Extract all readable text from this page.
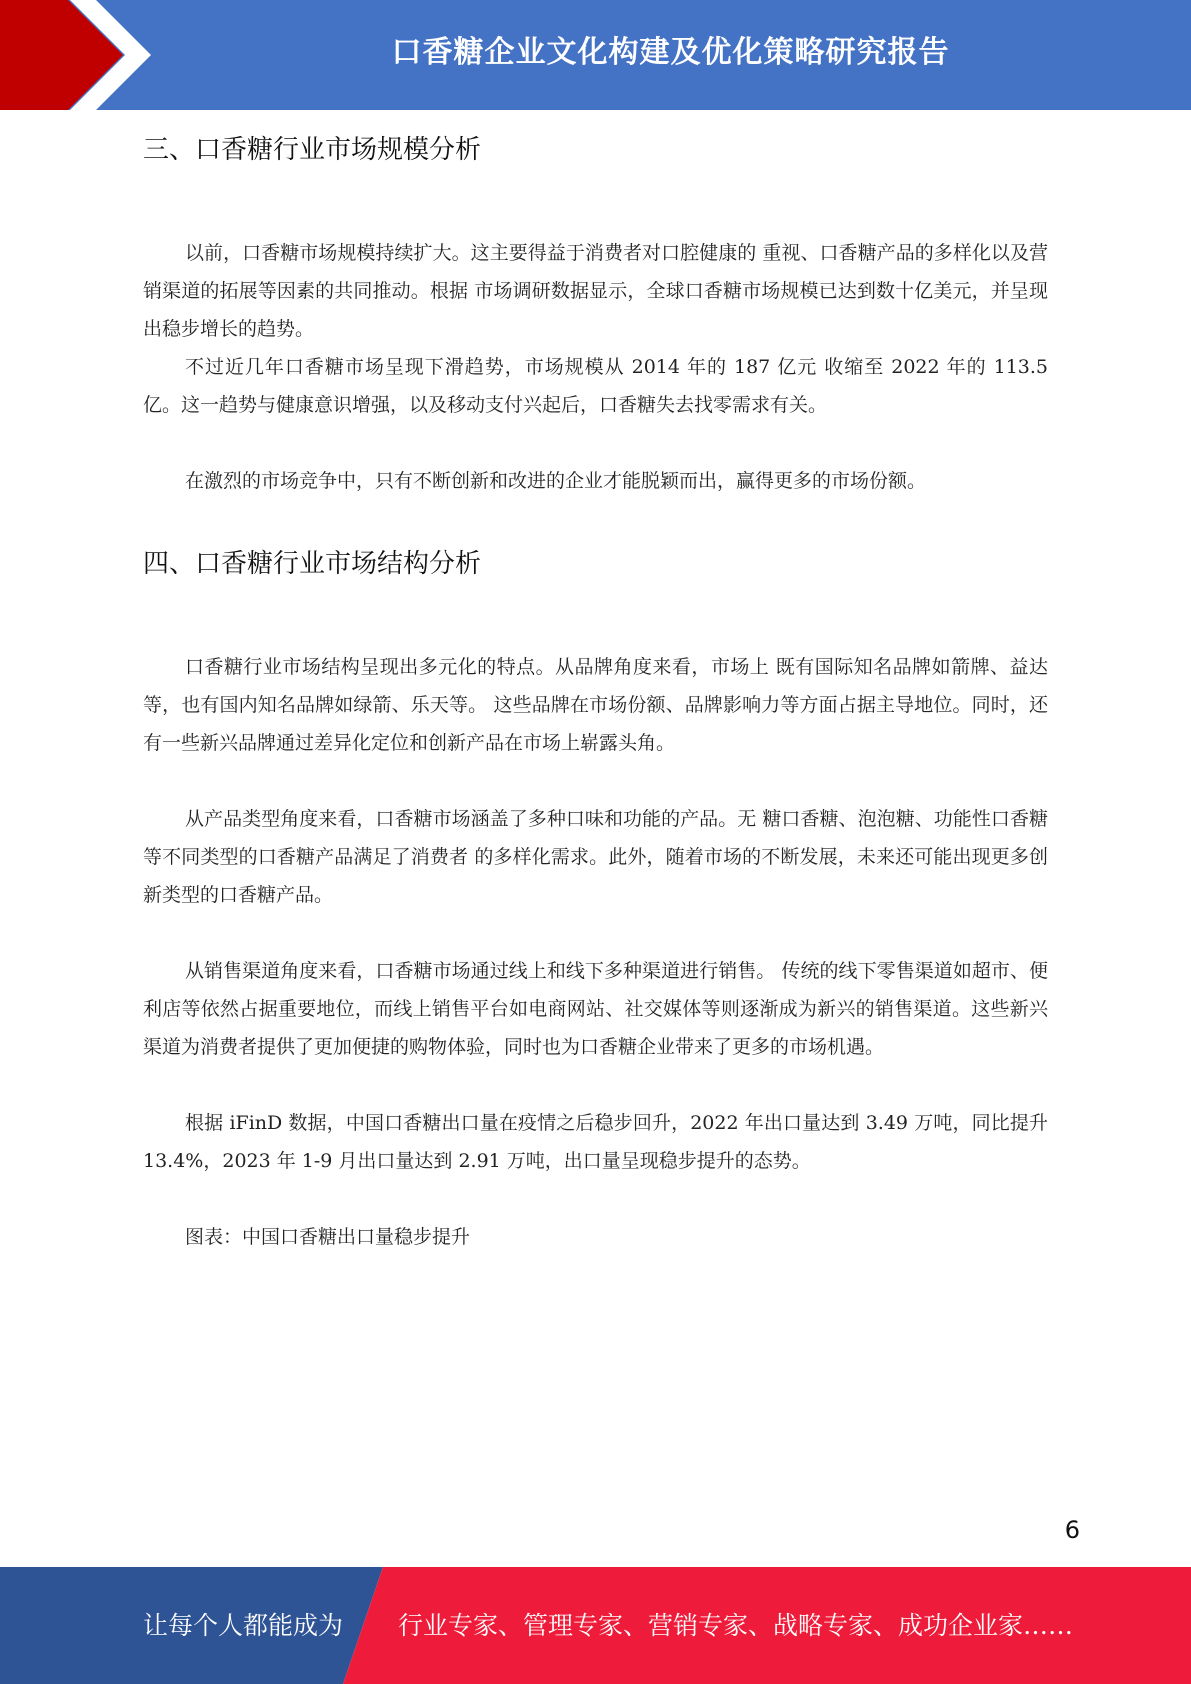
口香糖企业文化构建及优化策略研究报告
三、口香糖行业市场规模分析

以前，口香糖市场规模持续扩大。这主要得益于消费者对口腔健康的 重视、口香糖产品的多样化以及营销渠道的拓展等因素的共同推动。根据 市场调研数据显示，全球口香糖市场规模已达到数十亿美元，并呈现出稳步增长的趋势。

不过近几年口香糖市场呈现下滑趋势，市场规模从 2014 年的 187 亿元 收缩至 2022 年的 113.5 亿。这一趋势与健康意识增强，以及移动支付兴起后，口香糖失去找零需求有关。

在激烈的市场竞争中，只有不断创新和改进的企业才能脱颖而出，赢得更多的市场份额。

四、口香糖行业市场结构分析

口香糖行业市场结构呈现出多元化的特点。从品牌角度来看，市场上 既有国际知名品牌如箭牌、益达等，也有国内知名品牌如绿箭、乐天等。 这些品牌在市场份额、品牌影响力等方面占据主导地位。同时，还有一些新兴品牌通过差异化定位和创新产品在市场上崭露头角。

从产品类型角度来看，口香糖市场涵盖了多种口味和功能的产品。无 糖口香糖、泡泡糖、功能性口香糖等不同类型的口香糖产品满足了消费者 的多样化需求。此外，随着市场的不断发展，未来还可能出现更多创新类型的口香糖产品。

从销售渠道角度来看，口香糖市场通过线上和线下多种渠道进行销售。 传统的线下零售渠道如超市、便利店等依然占据重要地位，而线上销售平台如电商网站、社交媒体等则逐渐成为新兴的销售渠道。这些新兴渠道为消费者提供了更加便捷的购物体验，同时也为口香糖企业带来了更多的市场机遇。

根据 iFinD 数据，中国口香糖出口量在疫情之后稳步回升，2022 年出口量达到 3.49 万吨，同比提升 13.4%，2023 年 1-9 月出口量达到 2.91 万吨，出口量呈现稳步提升的态势。

图表：中国口香糖出口量稳步提升

6
让每个人都能成为 行业专家、管理专家、营销专家、战略专家、成功企业家……
